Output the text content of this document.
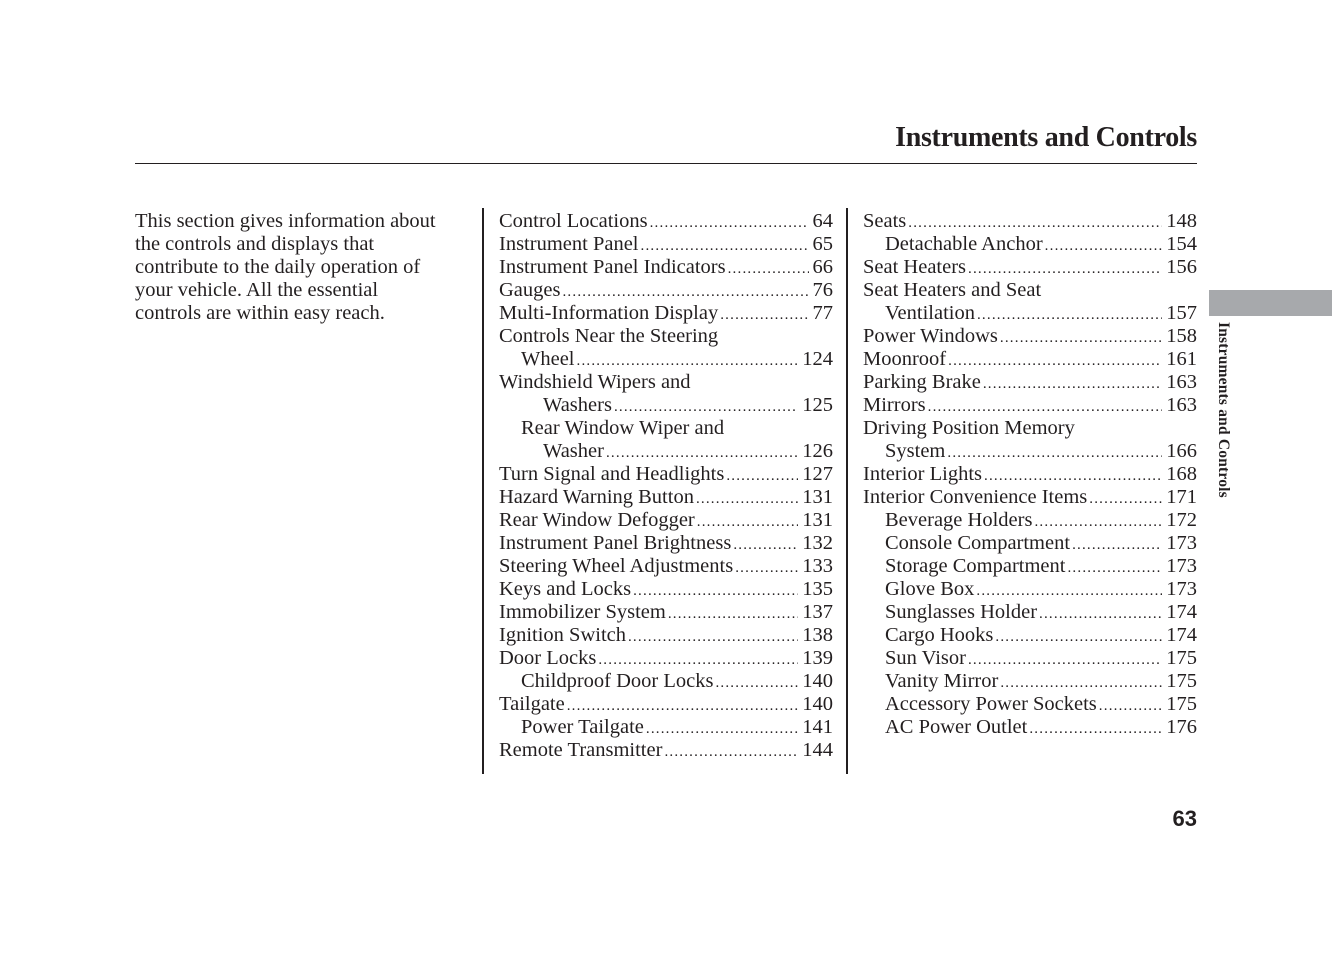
Instruments and Controls
This section gives information about
the controls and displays that
contribute to the daily operation of
your vehicle. All the essential
controls are within easy reach.
Control Locations .....	64
Instrument Panel .....	65
Instrument Panel Indicators .....	66
Gauges .....	76
Multi-Information Display .....	77
Controls Near the Steering
Wheel .....	124
Windshield Wipers and
Washers .....	125
Rear Window Wiper and
Washer .....	126
Turn Signal and Headlights .....	127
Hazard Warning Button .....	131
Rear Window Defogger .....	131
Instrument Panel Brightness .....	132
Steering Wheel Adjustments .....	133
Keys and Locks .....	135
Immobilizer System .....	137
Ignition Switch .....	138
Door Locks .....	139
Childproof Door Locks .....	140
Tailgate .....	140
Power Tailgate .....	141
Remote Transmitter .....	144
Seats .....	148
Detachable Anchor .....	154
Seat Heaters .....	156
Seat Heaters and Seat
Ventilation .....	157
Power Windows .....	158
Moonroof .....	161
Parking Brake .....	163
Mirrors .....	163
Driving Position Memory
System .....	166
Interior Lights .....	168
Interior Convenience Items .....	171
Beverage Holders .....	172
Console Compartment .....	173
Storage Compartment .....	173
Glove Box .....	173
Sunglasses Holder .....	174
Cargo Hooks .....	174
Sun Visor .....	175
Vanity Mirror .....	175
Accessory Power Sockets .....	175
AC Power Outlet .....	176
Instruments and Controls
63
